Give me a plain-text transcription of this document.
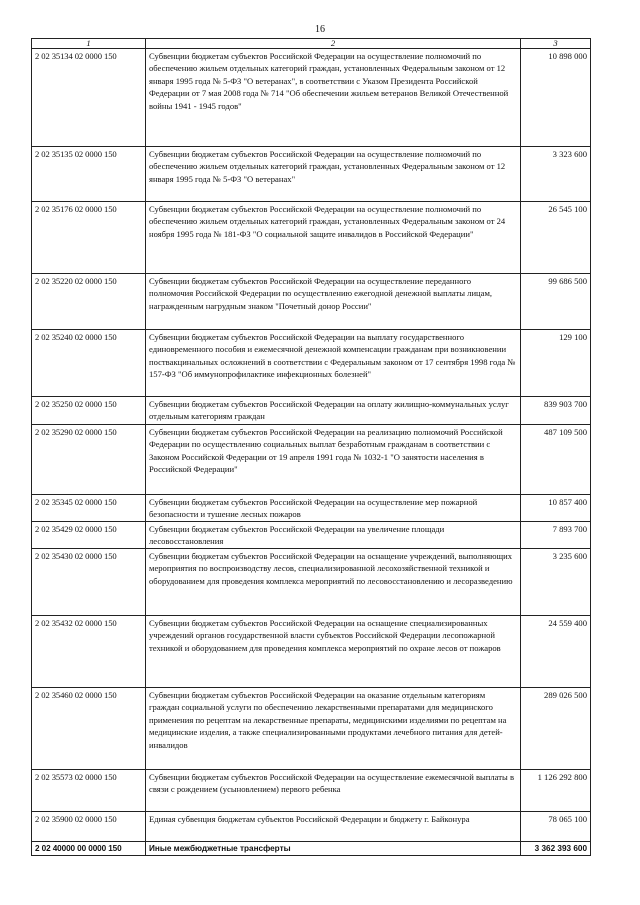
16
1	2	3
2 02 35134 02 0000 150	Субвенции бюджетам субъектов Российской Федерации на осуществление полномочий по обеспечению жильем отдельных категорий граждан, установленных Федеральным законом от 12 января 1995 года № 5-ФЗ "О ветеранах", в соответствии с Указом Президента Российской Федерации от 7 мая 2008 года № 714 "Об обеспечении жильем ветеранов Великой Отечественной войны 1941 - 1945 годов"	10 898 000
2 02 35135 02 0000 150	Субвенции бюджетам субъектов Российской Федерации на осуществление полномочий по обеспечению жильем отдельных категорий граждан, установленных Федеральным законом от 12 января 1995 года № 5-ФЗ "О ветеранах"	3 323 600
2 02 35176 02 0000 150	Субвенции бюджетам субъектов Российской Федерации на осуществление полномочий по обеспечению жильем отдельных категорий граждан, установленных Федеральным законом от 24 ноября 1995 года № 181-ФЗ "О социальной защите инвалидов в Российской Федерации"	26 545 100
2 02 35220 02 0000 150	Субвенции бюджетам субъектов Российской Федерации на осуществление переданного полномочия Российской Федерации по осуществлению ежегодной денежной выплаты лицам, награжденным нагрудным знаком "Почетный донор России"	99 686 500
2 02 35240 02 0000 150	Субвенции бюджетам субъектов Российской Федерации на выплату государственного единовременного пособия и ежемесячной денежной компенсации гражданам при возникновении поствакцинальных осложнений в соответствии с Федеральным законом от 17 сентября 1998 года № 157-ФЗ "Об иммунопрофилактике инфекционных болезней"	129 100
2 02 35250 02 0000 150	Субвенции бюджетам субъектов Российской Федерации на оплату жилищно-коммунальных услуг отдельным категориям граждан	839 903 700
2 02 35290 02 0000 150	Субвенции бюджетам субъектов Российской Федерации на реализацию полномочий Российской Федерации по осуществлению социальных выплат безработным гражданам в соответствии с Законом Российской Федерации от 19 апреля 1991 года № 1032-1 "О занятости населения в Российской Федерации"	487 109 500
2 02 35345 02 0000 150	Субвенции бюджетам субъектов Российской Федерации на осуществление мер пожарной безопасности и тушение лесных пожаров	10 857 400
2 02 35429 02 0000 150	Субвенции бюджетам субъектов Российской Федерации на увеличение площади лесовосстановления	7 893 700
2 02 35430 02 0000 150	Субвенции бюджетам субъектов Российской Федерации на оснащение учреждений, выполняющих мероприятия по воспроизводству лесов, специализированной лесохозяйственной техникой и оборудованием для проведения комплекса мероприятий по лесовосстановлению и лесоразведению	3 235 600
2 02 35432 02 0000 150	Субвенции бюджетам субъектов Российской Федерации на оснащение специализированных учреждений органов государственной власти субъектов Российской Федерации лесопожарной техникой и оборудованием для проведения комплекса мероприятий по охране лесов от пожаров	24 559 400
2 02 35460 02 0000 150	Субвенции бюджетам субъектов Российской Федерации на оказание отдельным категориям граждан социальной услуги по обеспечению лекарственными препаратами для медицинского применения по рецептам на лекарственные препараты, медицинскими изделиями по рецептам на медицинские изделия, а также специализированными продуктами лечебного питания для детей-инвалидов	289 026 500
2 02 35573 02 0000 150	Субвенции бюджетам субъектов Российской Федерации на осуществление ежемесячной выплаты в связи с рождением (усыновлением) первого ребенка	1 126 292 800
2 02 35900 02 0000 150	Единая субвенция бюджетам субъектов Российской Федерации и бюджету г. Байконура	78 065 100
2 02 40000 00 0000 150	Иные межбюджетные трансферты	3 362 393 600
